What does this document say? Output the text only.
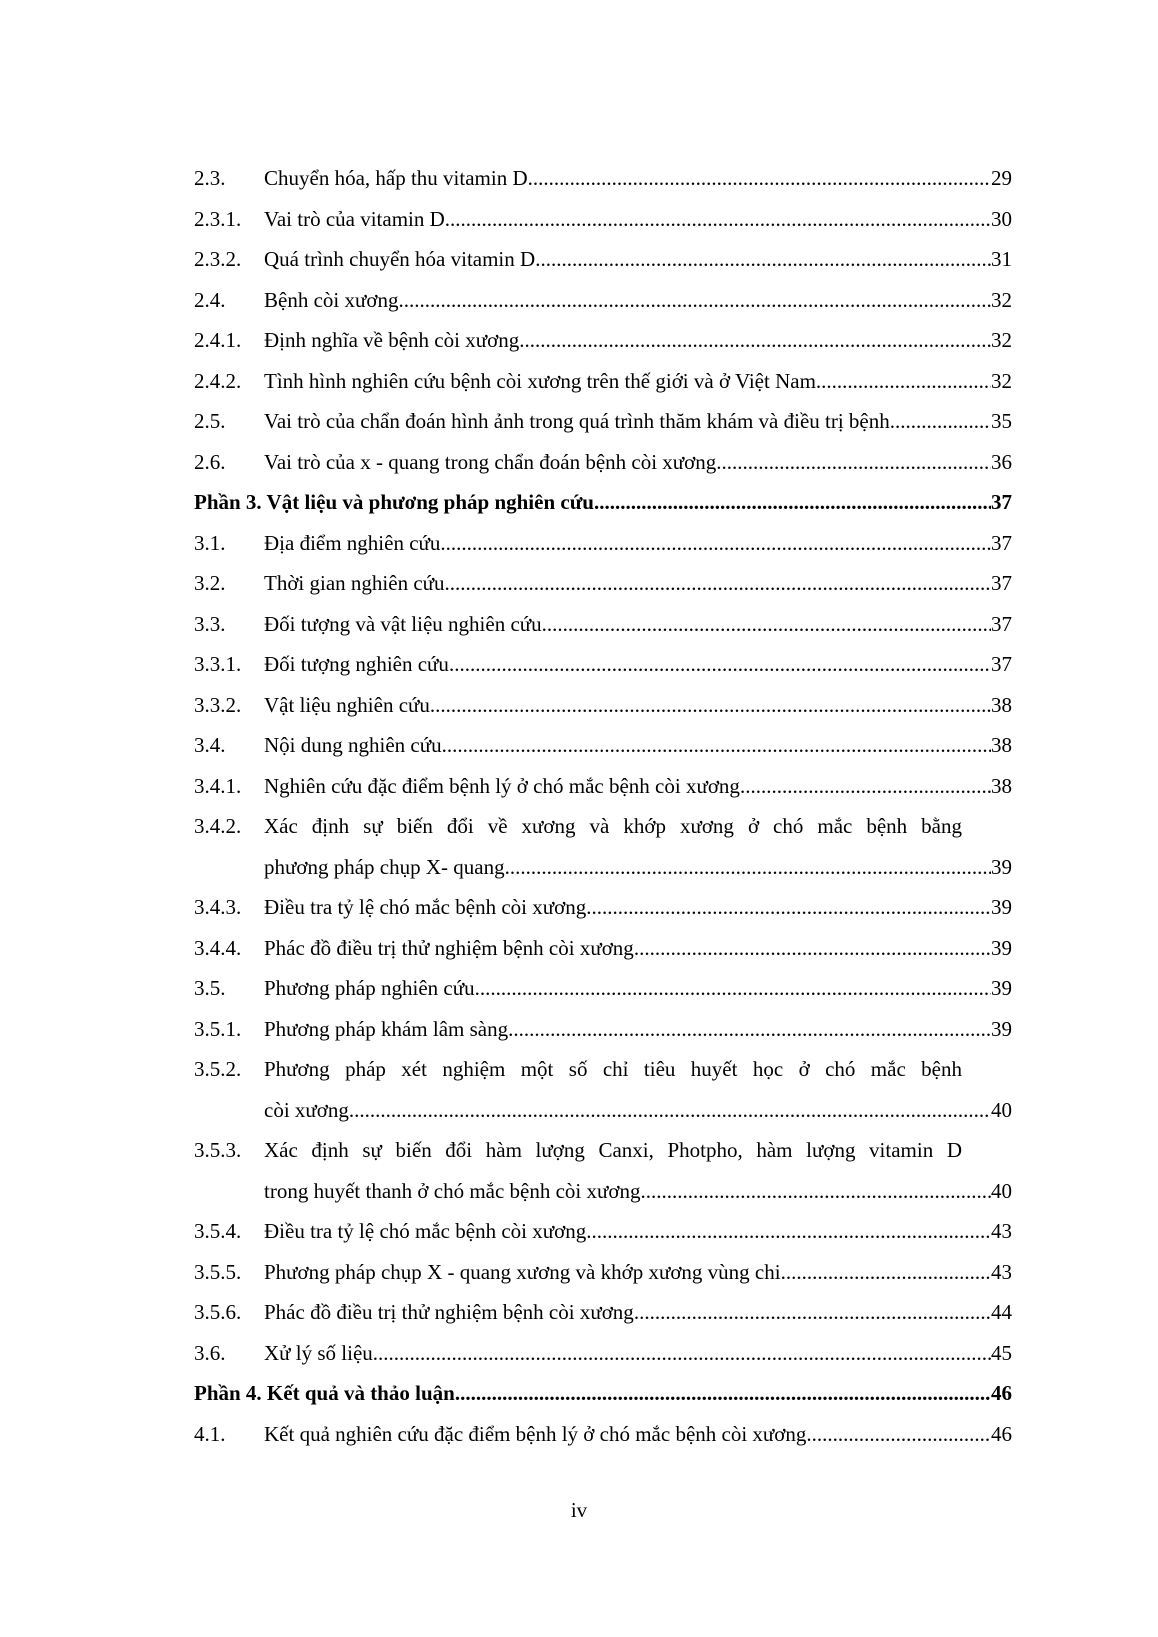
2.3. Chuyển hóa, hấp thu vitamin D .....	29
2.3.1. Vai trò của vitamin D .....	30
2.3.2. Quá trình chuyển hóa vitamin D .....	31
2.4. Bệnh còi xương .....	32
2.4.1. Định nghĩa về bệnh còi xương .....	32
2.4.2. Tình hình nghiên cứu bệnh còi xương trên thế giới và ở Việt Nam .....	32
2.5. Vai trò của chẩn đoán hình ảnh trong quá trình thăm khám và điều trị bệnh .....	35
2.6. Vai trò của x - quang trong chẩn đoán bệnh còi xương .....	36
Phần 3. Vật liệu và phương pháp nghiên cứu .....	37
3.1. Địa điểm nghiên cứu .....	37
3.2. Thời gian nghiên cứu .....	37
3.3. Đối tượng và vật liệu nghiên cứu .....	37
3.3.1. Đối tượng nghiên cứu .....	37
3.3.2. Vật liệu nghiên cứu .....	38
3.4. Nội dung nghiên cứu .....	38
3.4.1. Nghiên cứu đặc điểm bệnh lý ở chó mắc bệnh còi xương .....	38
3.4.2. Xác định sự biến đổi về xương và khớp xương ở chó mắc bệnh bằng
phương pháp chụp X- quang .....	39
3.4.3. Điều tra tỷ lệ chó mắc bệnh còi xương .....	39
3.4.4. Phác đồ điều trị thử nghiệm bệnh còi xương .....	39
3.5. Phương pháp nghiên cứu .....	39
3.5.1. Phương pháp khám lâm sàng .....	39
3.5.2. Phương pháp xét nghiệm một số chỉ tiêu huyết học ở chó mắc bệnh
còi xương .....	40
3.5.3. Xác định sự biến đổi hàm lượng Canxi, Photpho, hàm lượng vitamin D
trong huyết thanh ở chó mắc bệnh còi xương .....	40
3.5.4. Điều tra tỷ lệ chó mắc bệnh còi xương .....	43
3.5.5. Phương pháp chụp X - quang xương và khớp xương vùng chi .....	43
3.5.6. Phác đồ điều trị thử nghiệm bệnh còi xương .....	44
3.6. Xử lý số liệu .....	45
Phần 4. Kết quả và thảo luận .....	46
4.1. Kết quả nghiên cứu đặc điểm bệnh lý ở chó mắc bệnh còi xương .....	46
iv
